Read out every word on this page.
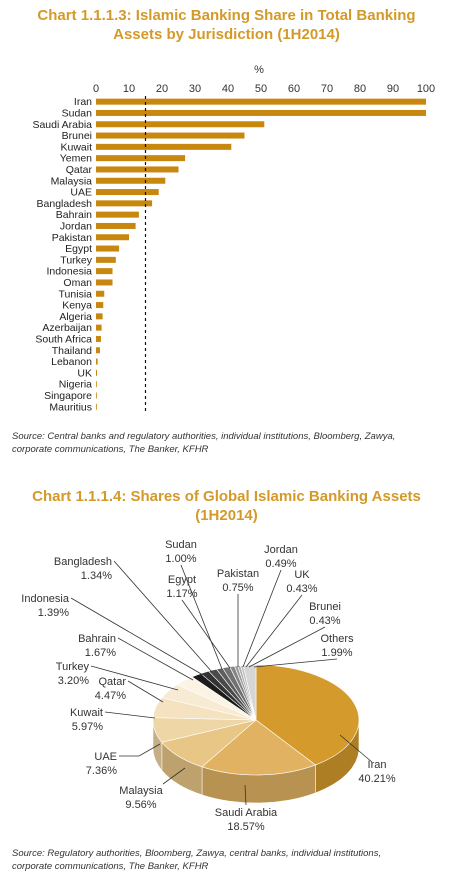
Chart 1.1.1.3: Islamic Banking Share in Total Banking
Assets by Jurisdiction (1H2014)
%
0 10 20 30 40 50 60 70 80 90 100
Iran
Sudan
Saudi Arabia
Brunei
Kuwait
Yemen
Qatar
Malaysia
UAE
Bangladesh
Bahrain
Jordan
Pakistan
Egypt
Turkey
Indonesia
Oman
Tunisia
Kenya
Algeria
Azerbaijan
South Africa
Thailand
Lebanon
UK
Nigeria
Singapore
Mauritius
Source: Central banks and regulatory authorities, individual institutions, Bloomberg, Zawya,
corporate communications, The Banker, KFHR
Chart 1.1.1.4: Shares of Global Islamic Banking Assets
(1H2014)
Iran
40.21%
Saudi Arabia
18.57%
Malaysia
9.56%
UAE
7.36%
Kuwait
5.97%
Qatar
4.47%
Turkey
3.20%
Bahrain
1.67%
Indonesia
1.39%
Bangladesh
1.34%
Sudan
1.00%
Egypt
1.17%
Pakistan
0.75%
Jordan
0.49%
UK
0.43%
Brunei
0.43%
Others
1.99%
Source: Regulatory authorities, Bloomberg, Zawya, central banks, individual institutions,
corporate communications, The Banker, KFHR
